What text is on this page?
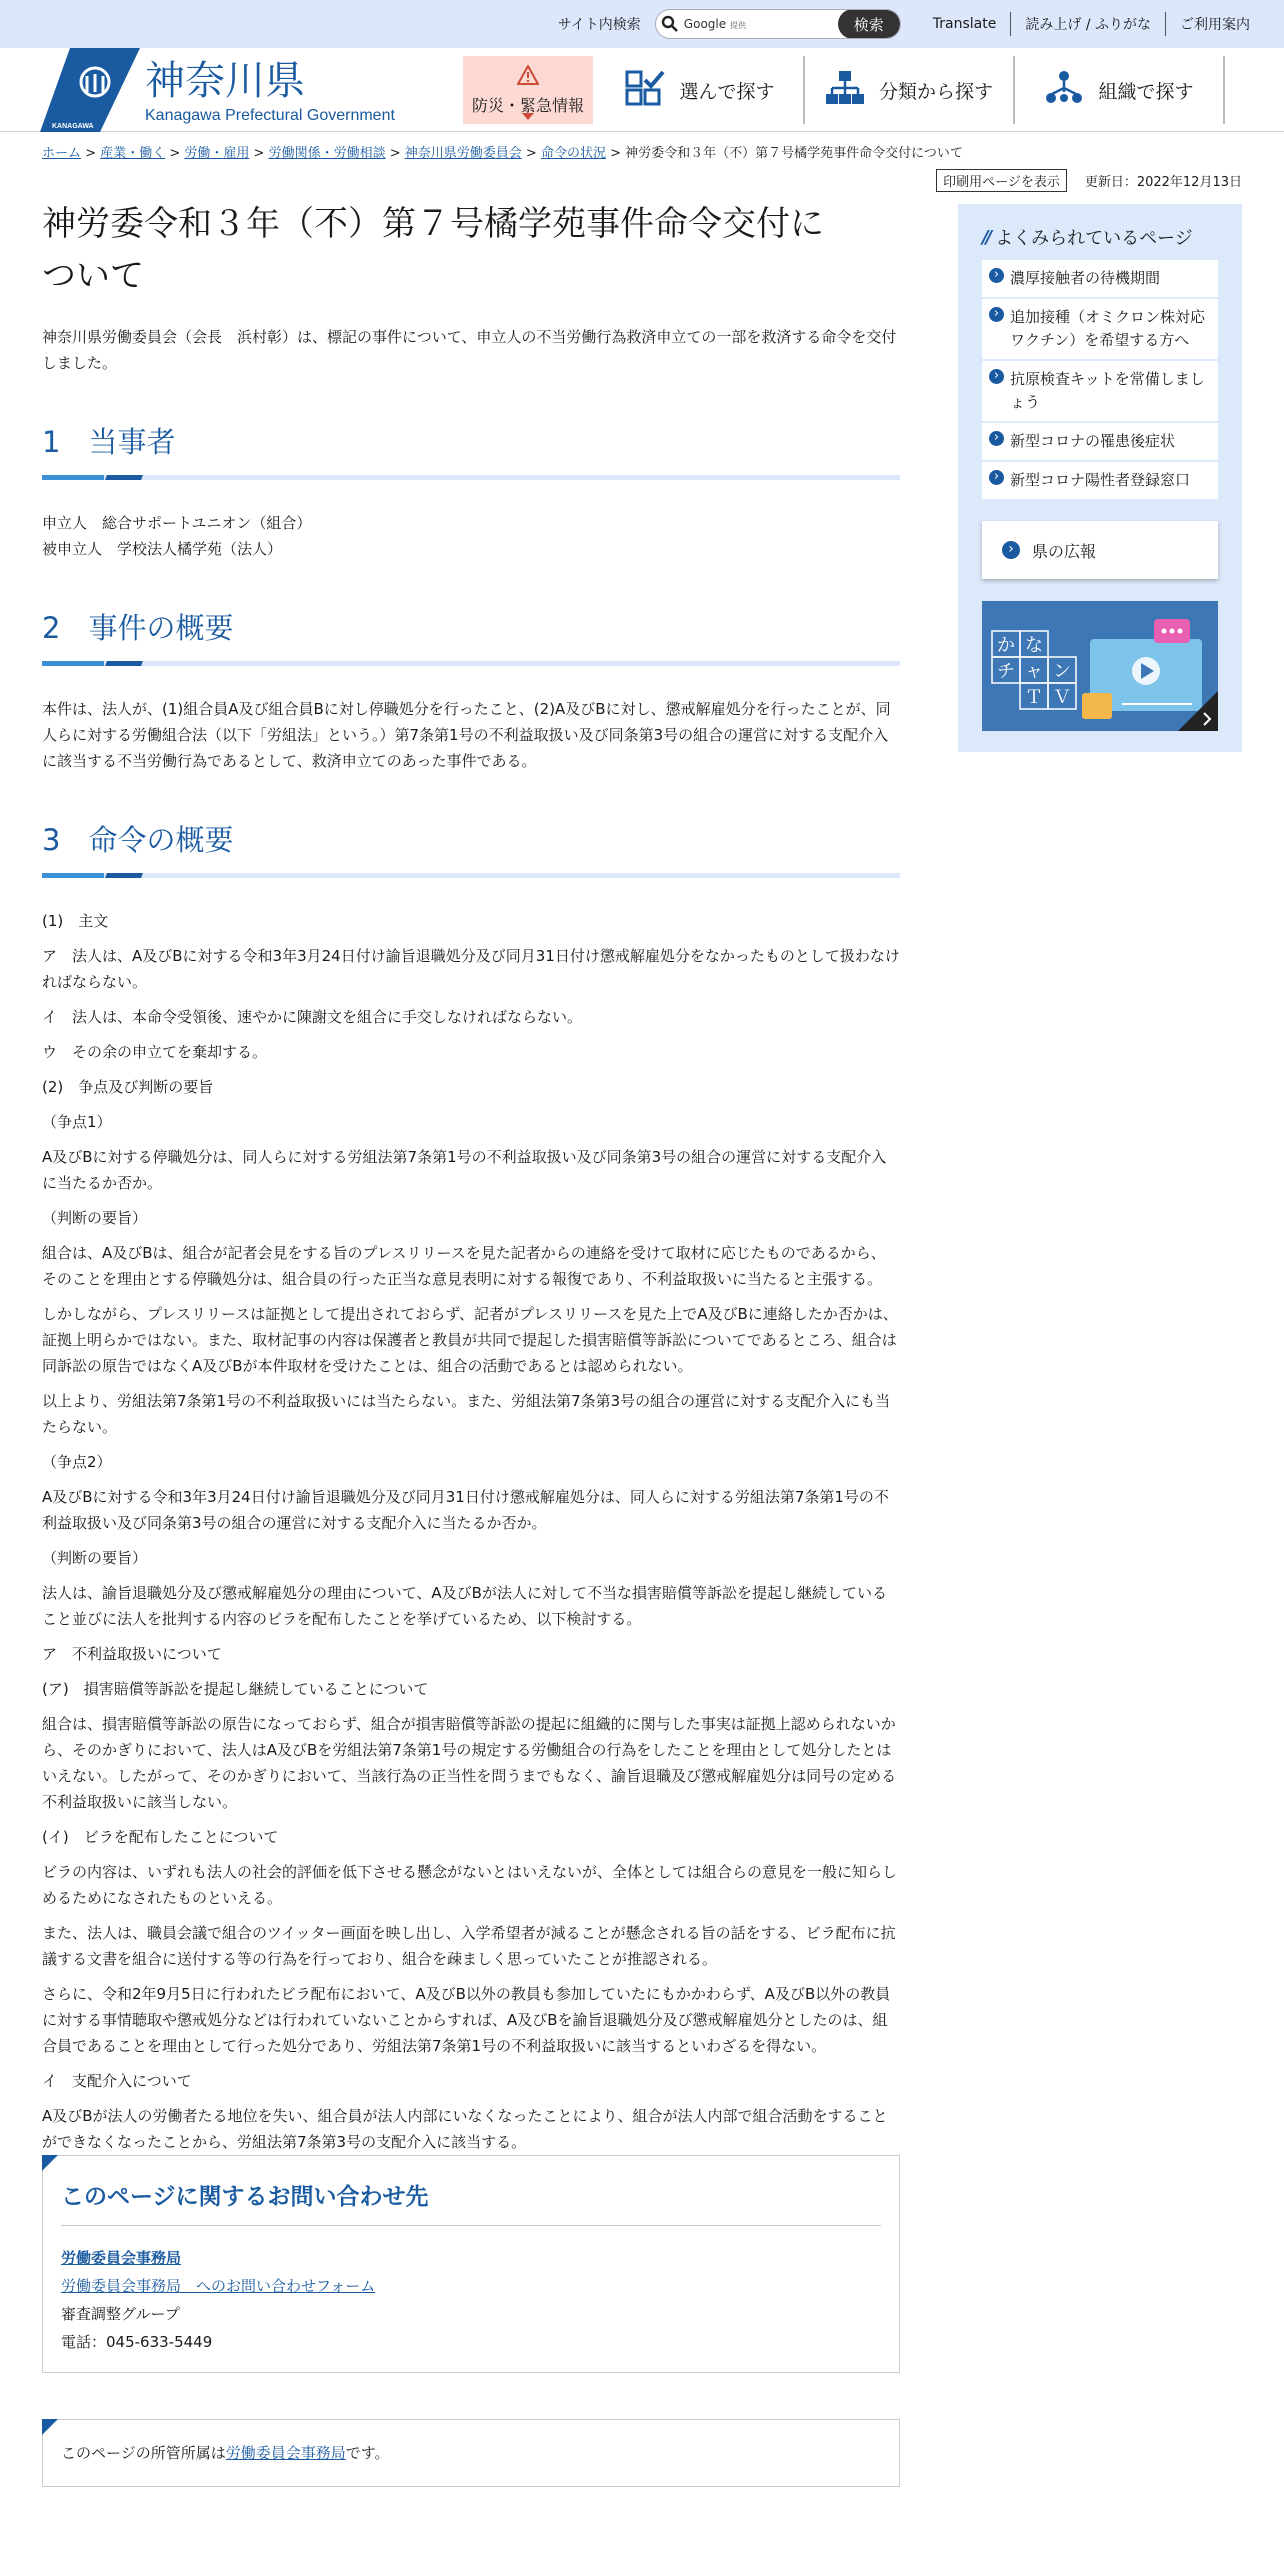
サイト内検索	Google 提供	検索	Translate	読み上げ / ふりがな	ご利用案内
KANAGAWA
神奈川県
Kanagawa Prefectural Government
防災・緊急情報
選んで探す	分類から探す	組織で探す
ホーム > 産業・働く > 労働・雇用 > 労働関係・労働相談 > 神奈川県労働委員会 > 命令の状況 > 神労委令和３年（不）第７号橘学苑事件命令交付について
印刷用ページを表示	更新日：2022年12月13日
神労委令和３年（不）第７号橘学苑事件命令交付に
ついて

神奈川県労働委員会（会長　浜村彰）は、標記の事件について、申立人の不当労働行為救済申立ての一部を救済する命令を交付しました。

1 当事者

申立人　総合サポートユニオン（組合）

被申立人　学校法人橘学苑（法人）

2 事件の概要

本件は、法人が、(1)組合員A及び組合員Bに対し停職処分を行ったこと、(2)A及びBに対し、懲戒解雇処分を行ったことが、同人らに対する労働組合法（以下「労組法」という。）第7条第1号の不利益取扱い及び同条第3号の組合の運営に対する支配介入に該当する不当労働行為であるとして、救済申立てのあった事件である。

3 命令の概要

(1)　主文

ア　法人は、A及びBに対する令和3年3月24日付け諭旨退職処分及び同月31日付け懲戒解雇処分をなかったものとして扱わなければならない。

イ　法人は、本命令受領後、速やかに陳謝文を組合に手交しなければならない。

ウ　その余の申立てを棄却する。

(2)　争点及び判断の要旨

（争点1）

A及びBに対する停職処分は、同人らに対する労組法第7条第1号の不利益取扱い及び同条第3号の組合の運営に対する支配介入に当たるか否か。

（判断の要旨）

組合は、A及びBは、組合が記者会見をする旨のプレスリリースを見た記者からの連絡を受けて取材に応じたものであるから、そのことを理由とする停職処分は、組合員の行った正当な意見表明に対する報復であり、不利益取扱いに当たると主張する。

しかしながら、プレスリリースは証拠として提出されておらず、記者がプレスリリースを見た上でA及びBに連絡したか否かは、証拠上明らかではない。また、取材記事の内容は保護者と教員が共同で提起した損害賠償等訴訟についてであるところ、組合は同訴訟の原告ではなくA及びBが本件取材を受けたことは、組合の活動であるとは認められない。

以上より、労組法第7条第1号の不利益取扱いには当たらない。また、労組法第7条第3号の組合の運営に対する支配介入にも当たらない。

（争点2）

A及びBに対する令和3年3月24日付け諭旨退職処分及び同月31日付け懲戒解雇処分は、同人らに対する労組法第7条第1号の不利益取扱い及び同条第3号の組合の運営に対する支配介入に当たるか否か。

（判断の要旨）

法人は、諭旨退職処分及び懲戒解雇処分の理由について、A及びBが法人に対して不当な損害賠償等訴訟を提起し継続していること並びに法人を批判する内容のビラを配布したことを挙げているため、以下検討する。

ア　不利益取扱いについて

(ア)　損害賠償等訴訟を提起し継続していることについて

組合は、損害賠償等訴訟の原告になっておらず、組合が損害賠償等訴訟の提起に組織的に関与した事実は証拠上認められないから、そのかぎりにおいて、法人はA及びBを労組法第7条第1号の規定する労働組合の行為をしたことを理由として処分したとはいえない。したがって、そのかぎりにおいて、当該行為の正当性を問うまでもなく、諭旨退職及び懲戒解雇処分は同号の定める不利益取扱いに該当しない。

(イ)　ビラを配布したことについて

ビラの内容は、いずれも法人の社会的評価を低下させる懸念がないとはいえないが、全体としては組合らの意見を一般に知らしめるためになされたものといえる。

また、法人は、職員会議で組合のツイッター画面を映し出し、入学希望者が減ることが懸念される旨の話をする、ビラ配布に抗議する文書を組合に送付する等の行為を行っており、組合を疎ましく思っていたことが推認される。

さらに、令和2年9月5日に行われたビラ配布において、A及びB以外の教員も参加していたにもかかわらず、A及びB以外の教員に対する事情聴取や懲戒処分などは行われていないことからすれば、A及びBを諭旨退職処分及び懲戒解雇処分としたのは、組合員であることを理由として行った処分であり、労組法第7条第1号の不利益取扱いに該当するといわざるを得ない。

イ　支配介入について

A及びBが法人の労働者たる地位を失い、組合員が法人内部にいなくなったことにより、組合が法人内部で組合活動をすることができなくなったことから、労組法第7条第3号の支配介入に該当する。

このページに関するお問い合わせ先
労働委員会事務局
労働委員会事務局　へのお問い合わせフォーム
審査調整グループ
電話：045-633-5449
このページの所管所属は労働委員会事務局です。
// よくみられているページ
› 濃厚接触者の待機期間
› 追加接種（オミクロン株対応ワクチン）を希望する方へ
› 抗原検査キットを常備しましょう
› 新型コロナの罹患後症状
› 新型コロナ陽性者登録窓口
›	県の広報
か な
チ ャ ン
Ｔ Ｖ
